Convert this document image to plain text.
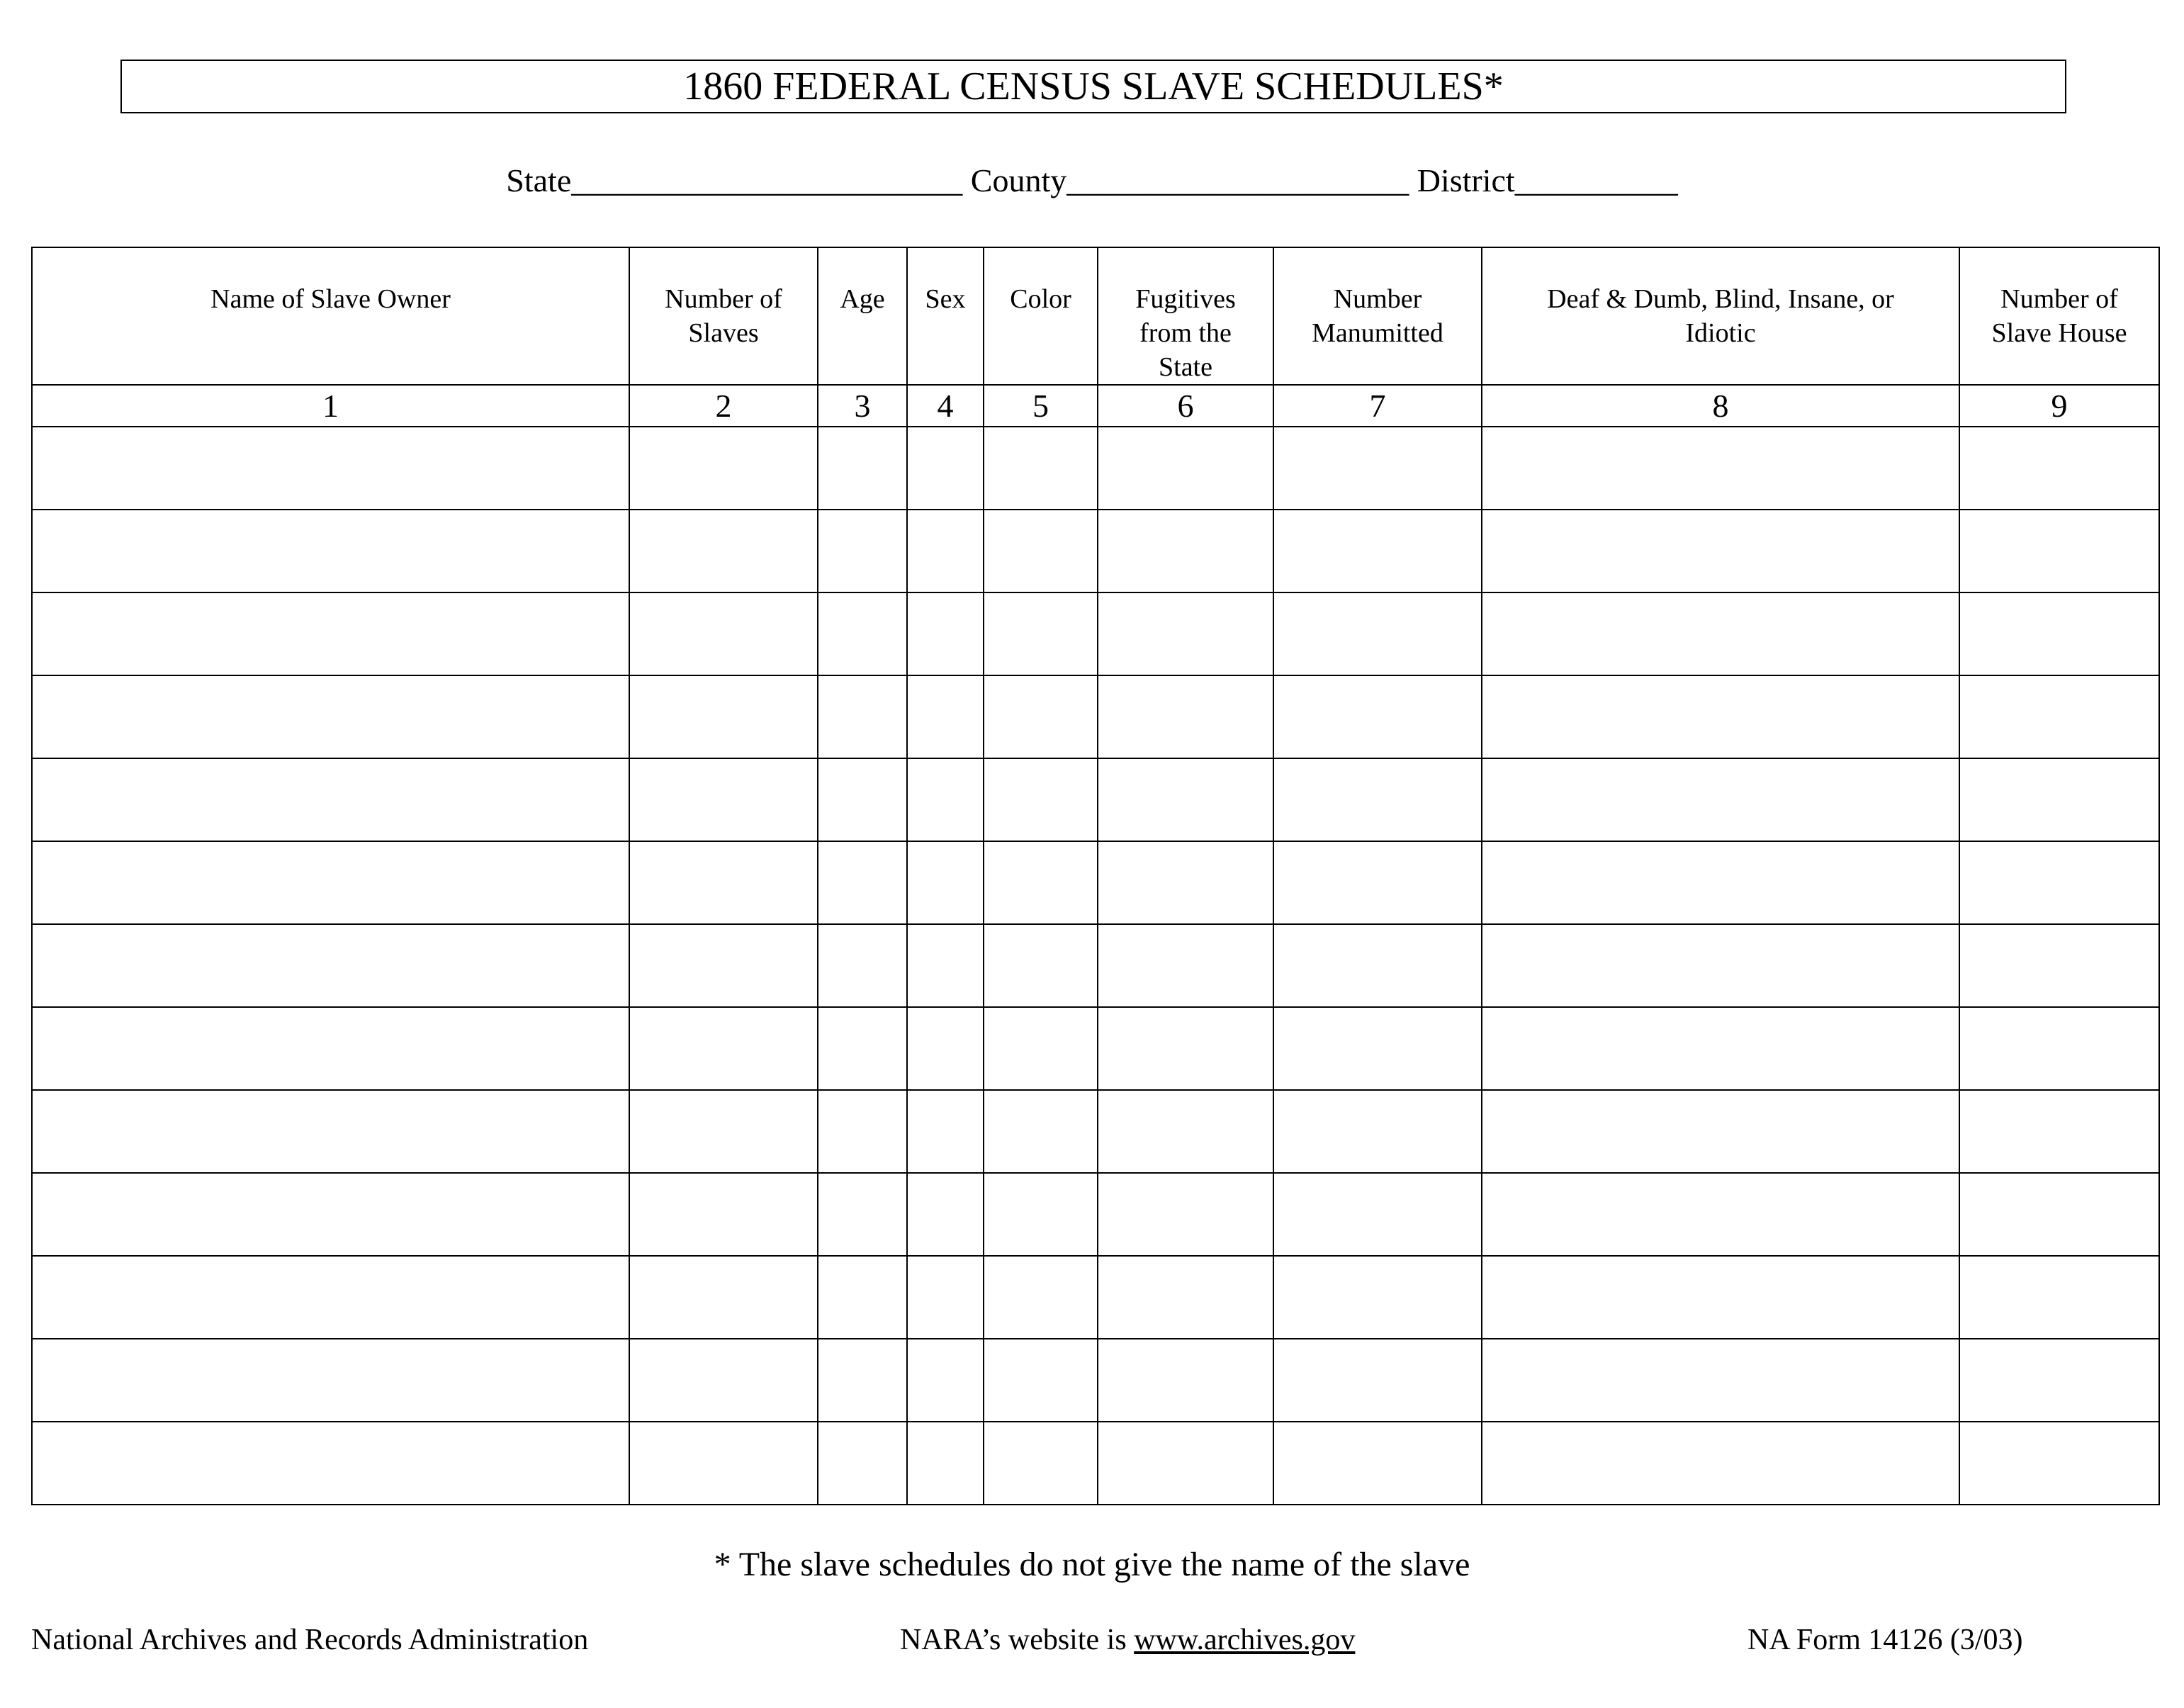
1860 FEDERAL CENSUS SLAVE SCHEDULES*
State________________________ County_____________________ District__________
Name of Slave Owner	Number of Slaves	Age	Sex	Color	Fugitives from the State	Number Manumitted	Deaf & Dumb, Blind, Insane, or Idiotic	Number of Slave House
1	2	3	4	5	6	7	8	9

* The slave schedules do not give the name of the slave
National Archives and Records Administration	NARA’s website is www.archives.gov	NA Form 14126 (3/03)
